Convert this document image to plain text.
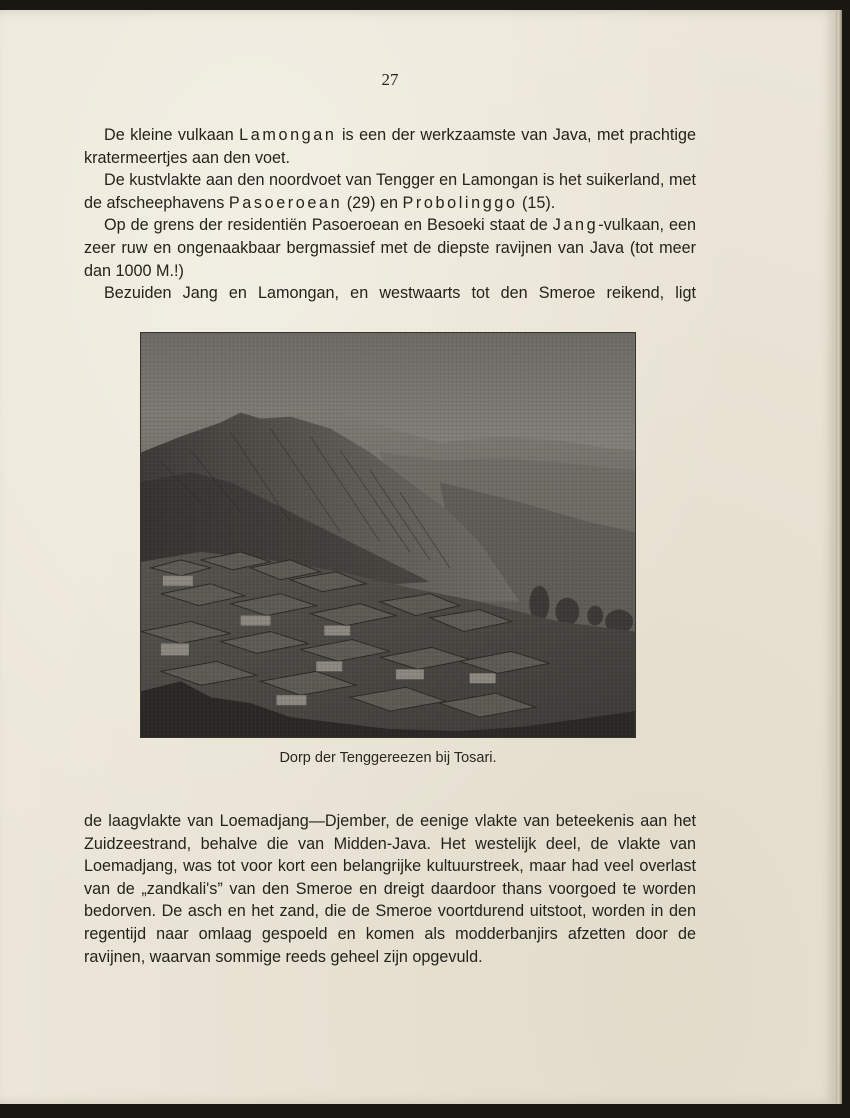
27

De kleine vulkaan Lamongan is een der werkzaamste van Java, met prachtige kratermeertjes aan den voet.

De kustvlakte aan den noordvoet van Tengger en Lamongan is het suikerland, met de afscheephavens Pasoeroean (29) en Probolinggo (15).

Op de grens der residentiën Pasoeroean en Besoeki staat de Jang-vulkaan, een zeer ruw en ongenaakbaar bergmassief met de diepste ravijnen van Java (tot meer dan 1000 M.!)

Bezuiden Jang en Lamongan, en westwaarts tot den Smeroe reikend, ligt

Dorp der Tenggereezen bij Tosari.

de laagvlakte van Loemadjang—Djember, de eenige vlakte van beteekenis aan het Zuidzeestrand, behalve die van Midden-Java. Het westelijk deel, de vlakte van Loemadjang, was tot voor kort een belangrijke kultuurstreek, maar had veel overlast van de „zandkali's” van den Smeroe en dreigt daardoor thans voorgoed te worden bedorven. De asch en het zand, die de Smeroe voortdurend uitstoot, worden in den regentijd naar omlaag gespoeld en komen als modderbanjirs afzetten door de ravijnen, waarvan sommige reeds geheel zijn opgevuld.
